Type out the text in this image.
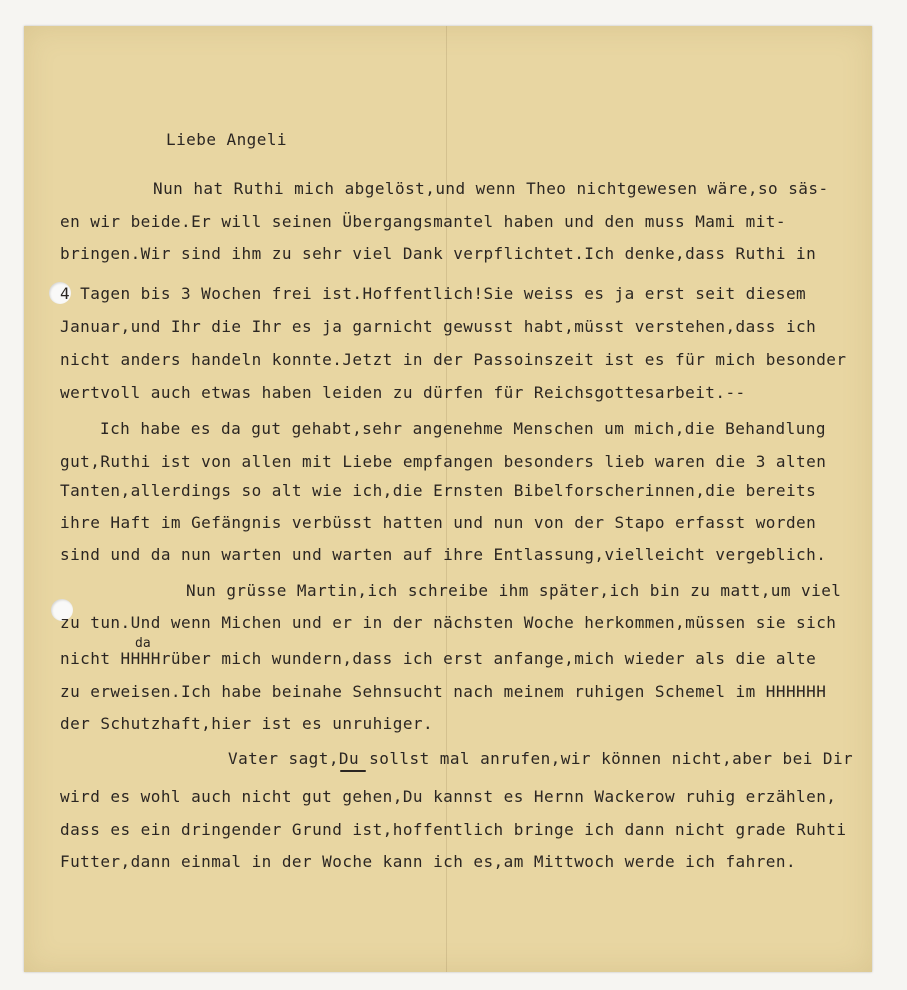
Liebe Angeli
Nun hat Ruthi mich abgelöst,und wenn Theo nichtgewesen wäre,so säs-
en wir beide.Er will seinen Übergangsmantel haben und den muss Mami mit-
bringen.Wir sind ihm zu sehr viel Dank verpflichtet.Ich denke,dass Ruthi in
4 Tagen bis 3 Wochen frei ist.Hoffentlich!Sie weiss es ja erst seit diesem
Januar,und Ihr die Ihr es ja garnicht gewusst habt,müsst verstehen,dass ich
nicht anders handeln konnte.Jetzt in der Passoinszeit ist es für mich besonder
wertvoll auch etwas haben leiden zu dürfen für Reichsgottesarbeit.--
Ich habe es da gut gehabt,sehr angenehme Menschen um mich,die Behandlung
gut,Ruthi ist von allen mit Liebe empfangen besonders lieb waren die 3 alten
Tanten,allerdings so alt wie ich,die Ernsten Bibelforscherinnen,die bereits
ihre Haft im Gefängnis verbüsst hatten und nun von der Stapo erfasst worden
sind und da nun warten und warten auf ihre Entlassung,vielleicht vergeblich.
Nun grüsse Martin,ich schreibe ihm später,ich bin zu matt,um viel
zu tun.Und wenn Michen und er in der nächsten Woche herkommen,müssen sie sich
da
nicht HHHHrüber mich wundern,dass ich erst anfange,mich wieder als die alte
zu erweisen.Ich habe beinahe Sehnsucht nach meinem ruhigen Schemel im HHHHHH
der Schutzhaft,hier ist es unruhiger.
Vater sagt,Du sollst mal anrufen,wir können nicht,aber bei Dir
wird es wohl auch nicht gut gehen,Du kannst es Hernn Wackerow ruhig erzählen,
dass es ein dringender Grund ist,hoffentlich bringe ich dann nicht grade Ruhti
Futter,dann einmal in der Woche kann ich es,am Mittwoch werde ich fahren.
